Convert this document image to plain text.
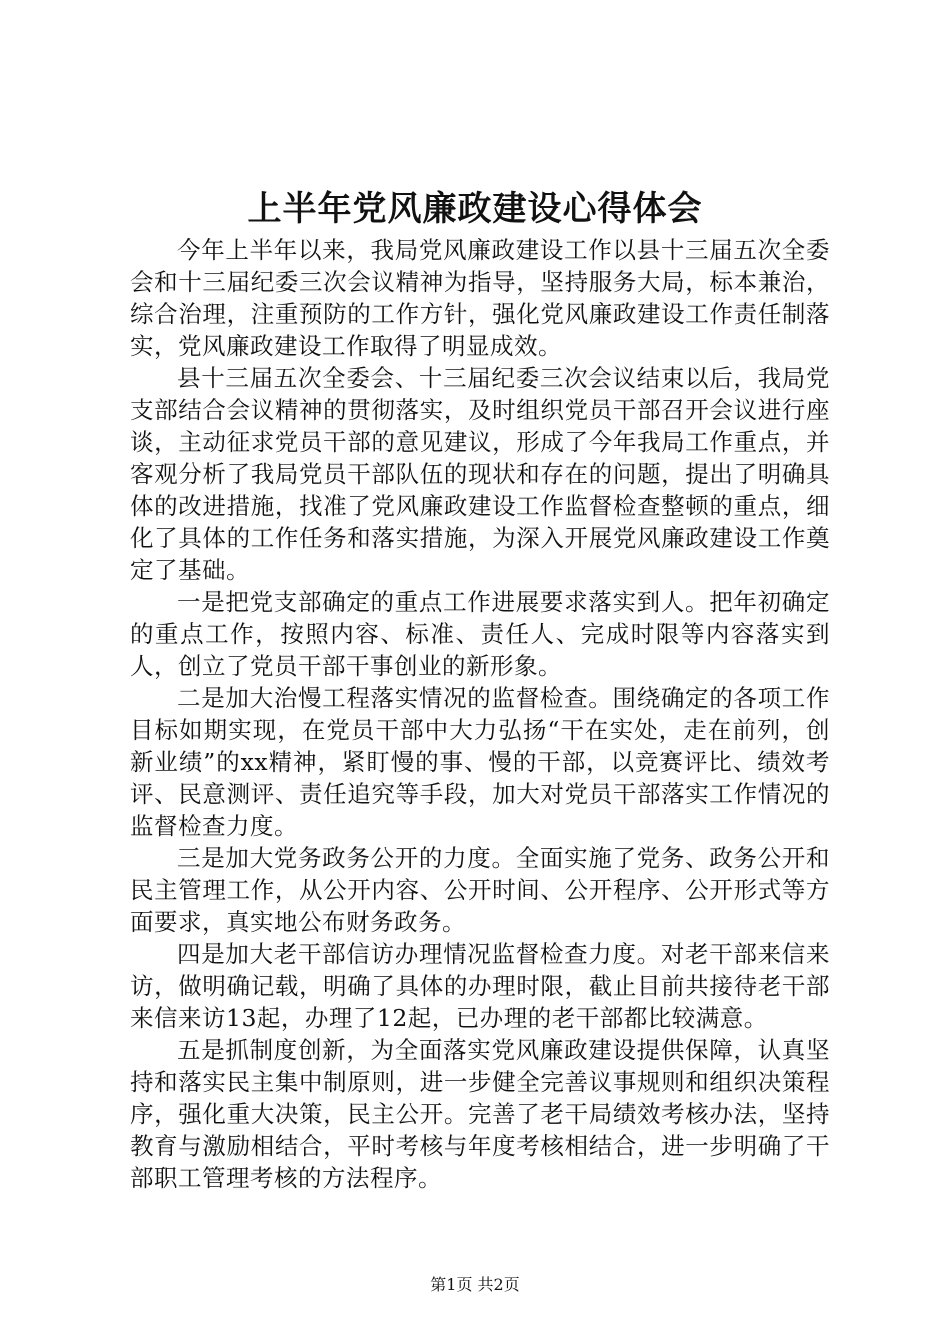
上半年党风廉政建设心得体会

今年上半年以来，我局党风廉政建设工作以县十三届五次全委会和十三届纪委三次会议精神为指导，坚持服务大局，标本兼治，综合治理，注重预防的工作方针，强化党风廉政建设工作责任制落实，党风廉政建设工作取得了明显成效。

县十三届五次全委会、十三届纪委三次会议结束以后，我局党支部结合会议精神的贯彻落实，及时组织党员干部召开会议进行座谈，主动征求党员干部的意见建议，形成了今年我局工作重点，并客观分析了我局党员干部队伍的现状和存在的问题，提出了明确具体的改进措施，找准了党风廉政建设工作监督检查整顿的重点，细化了具体的工作任务和落实措施，为深入开展党风廉政建设工作奠定了基础。

一是把党支部确定的重点工作进展要求落实到人。把年初确定的重点工作，按照内容、标准、责任人、完成时限等内容落实到人，创立了党员干部干事创业的新形象。

二是加大治慢工程落实情况的监督检查。围绕确定的各项工作目标如期实现，在党员干部中大力弘扬“干在实处，走在前列，创新业绩”的xx精神，紧盯慢的事、慢的干部，以竞赛评比、绩效考评、民意测评、责任追究等手段，加大对党员干部落实工作情况的监督检查力度。

三是加大党务政务公开的力度。全面实施了党务、政务公开和民主管理工作，从公开内容、公开时间、公开程序、公开形式等方面要求，真实地公布财务政务。

四是加大老干部信访办理情况监督检查力度。对老干部来信来访，做明确记载，明确了具体的办理时限，截止目前共接待老干部来信来访13起，办理了12起，已办理的老干部都比较满意。

五是抓制度创新，为全面落实党风廉政建设提供保障，认真坚持和落实民主集中制原则，进一步健全完善议事规则和组织决策程序，强化重大决策，民主公开。完善了老干局绩效考核办法，坚持教育与激励相结合，平时考核与年度考核相结合，进一步明确了干部职工管理考核的方法程序。

第1页 共2页
